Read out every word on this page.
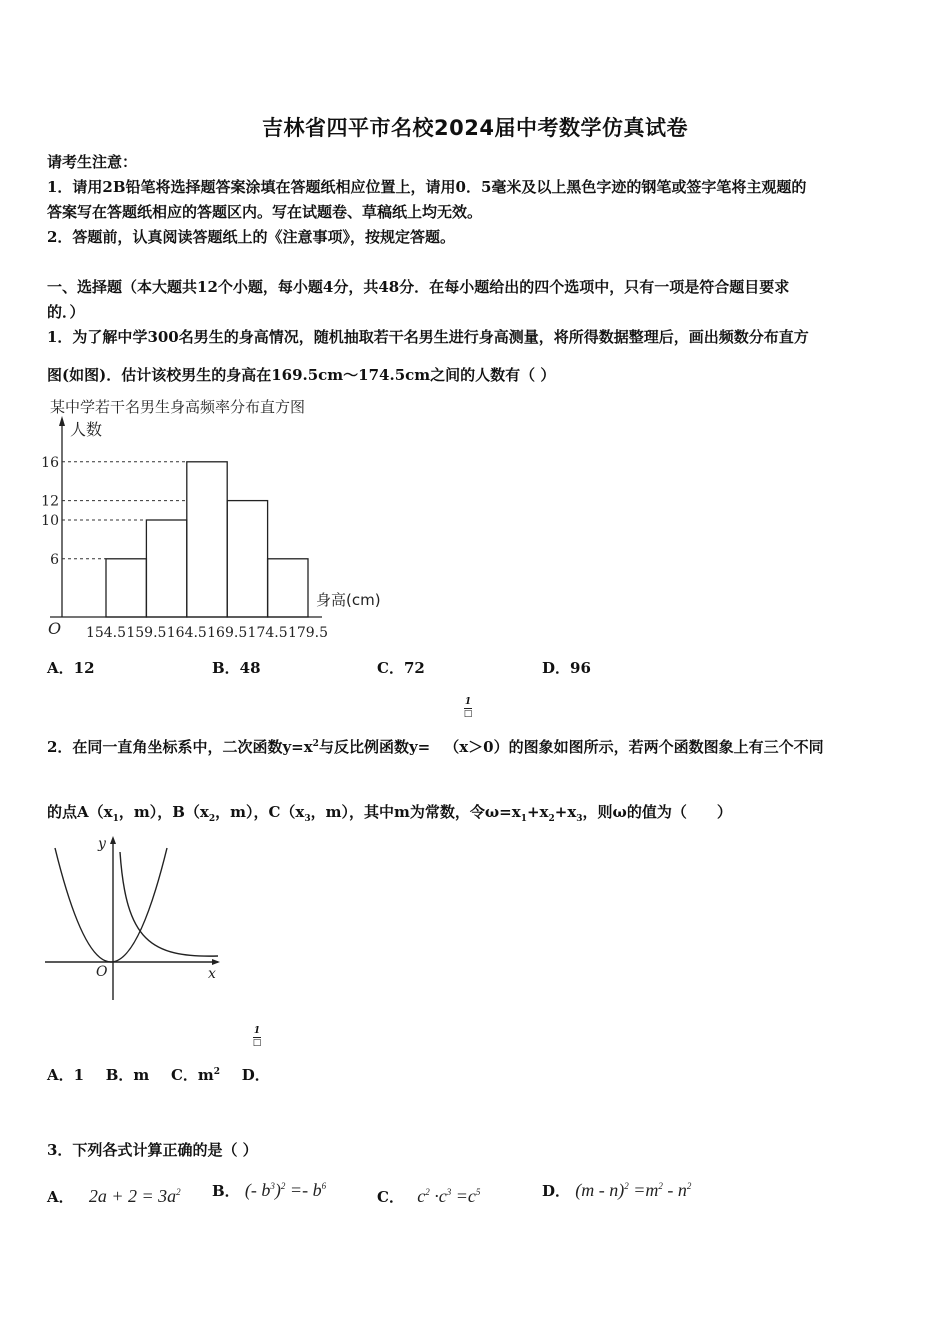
吉林省四平市名校2024届中考数学仿真试卷
请考生注意：
1．请用2B铅笔将选择题答案涂填在答题纸相应位置上，请用0．5毫米及以上黑色字迹的钢笔或签字笔将主观题的
答案写在答题纸相应的答题区内。写在试题卷、草稿纸上均无效。
2．答题前，认真阅读答题纸上的《注意事项》，按规定答题。
一、选择题（本大题共12个小题，每小题4分，共48分．在每小题给出的四个选项中，只有一项是符合题目要求
的．）
1．为了解中学300名男生的身高情况，随机抽取若干名男生进行身高测量，将所得数据整理后，画出频数分布直方
图(如图)．估计该校男生的身高在169.5cm～174.5cm之间的人数有（ ）
某中学若干名男生身高频率分布直方图
人数
身高(cm)
O
6
10
12
16
154.5 159.5 164.5 169.5 174.5 179.5
A．12	B．48	C．72	D．96
1
□
2．在同一直角坐标系中，二次函数$y=x^2$与反比例函数y= （x＞0）的图象如图所示，若两个函数图象上有三个不同
的点$A(x_1$，m），$B(x_2$，m），$C(x_3$，m），其中m为常数，令$\omega=x_1+x_2+x_3$，则ω的值为（　　）
x
y
O
1
□
A．1 B．m C．$m^2$ D．
3．下列各式计算正确的是（ ）
A． $2a + 2 = 3a^2$ B． (- $b^3)^2 =- b^6$
C． $c^2 \cdot c^3 =c^5$	D． $(m - n)^2 =m^2 - n^2$
